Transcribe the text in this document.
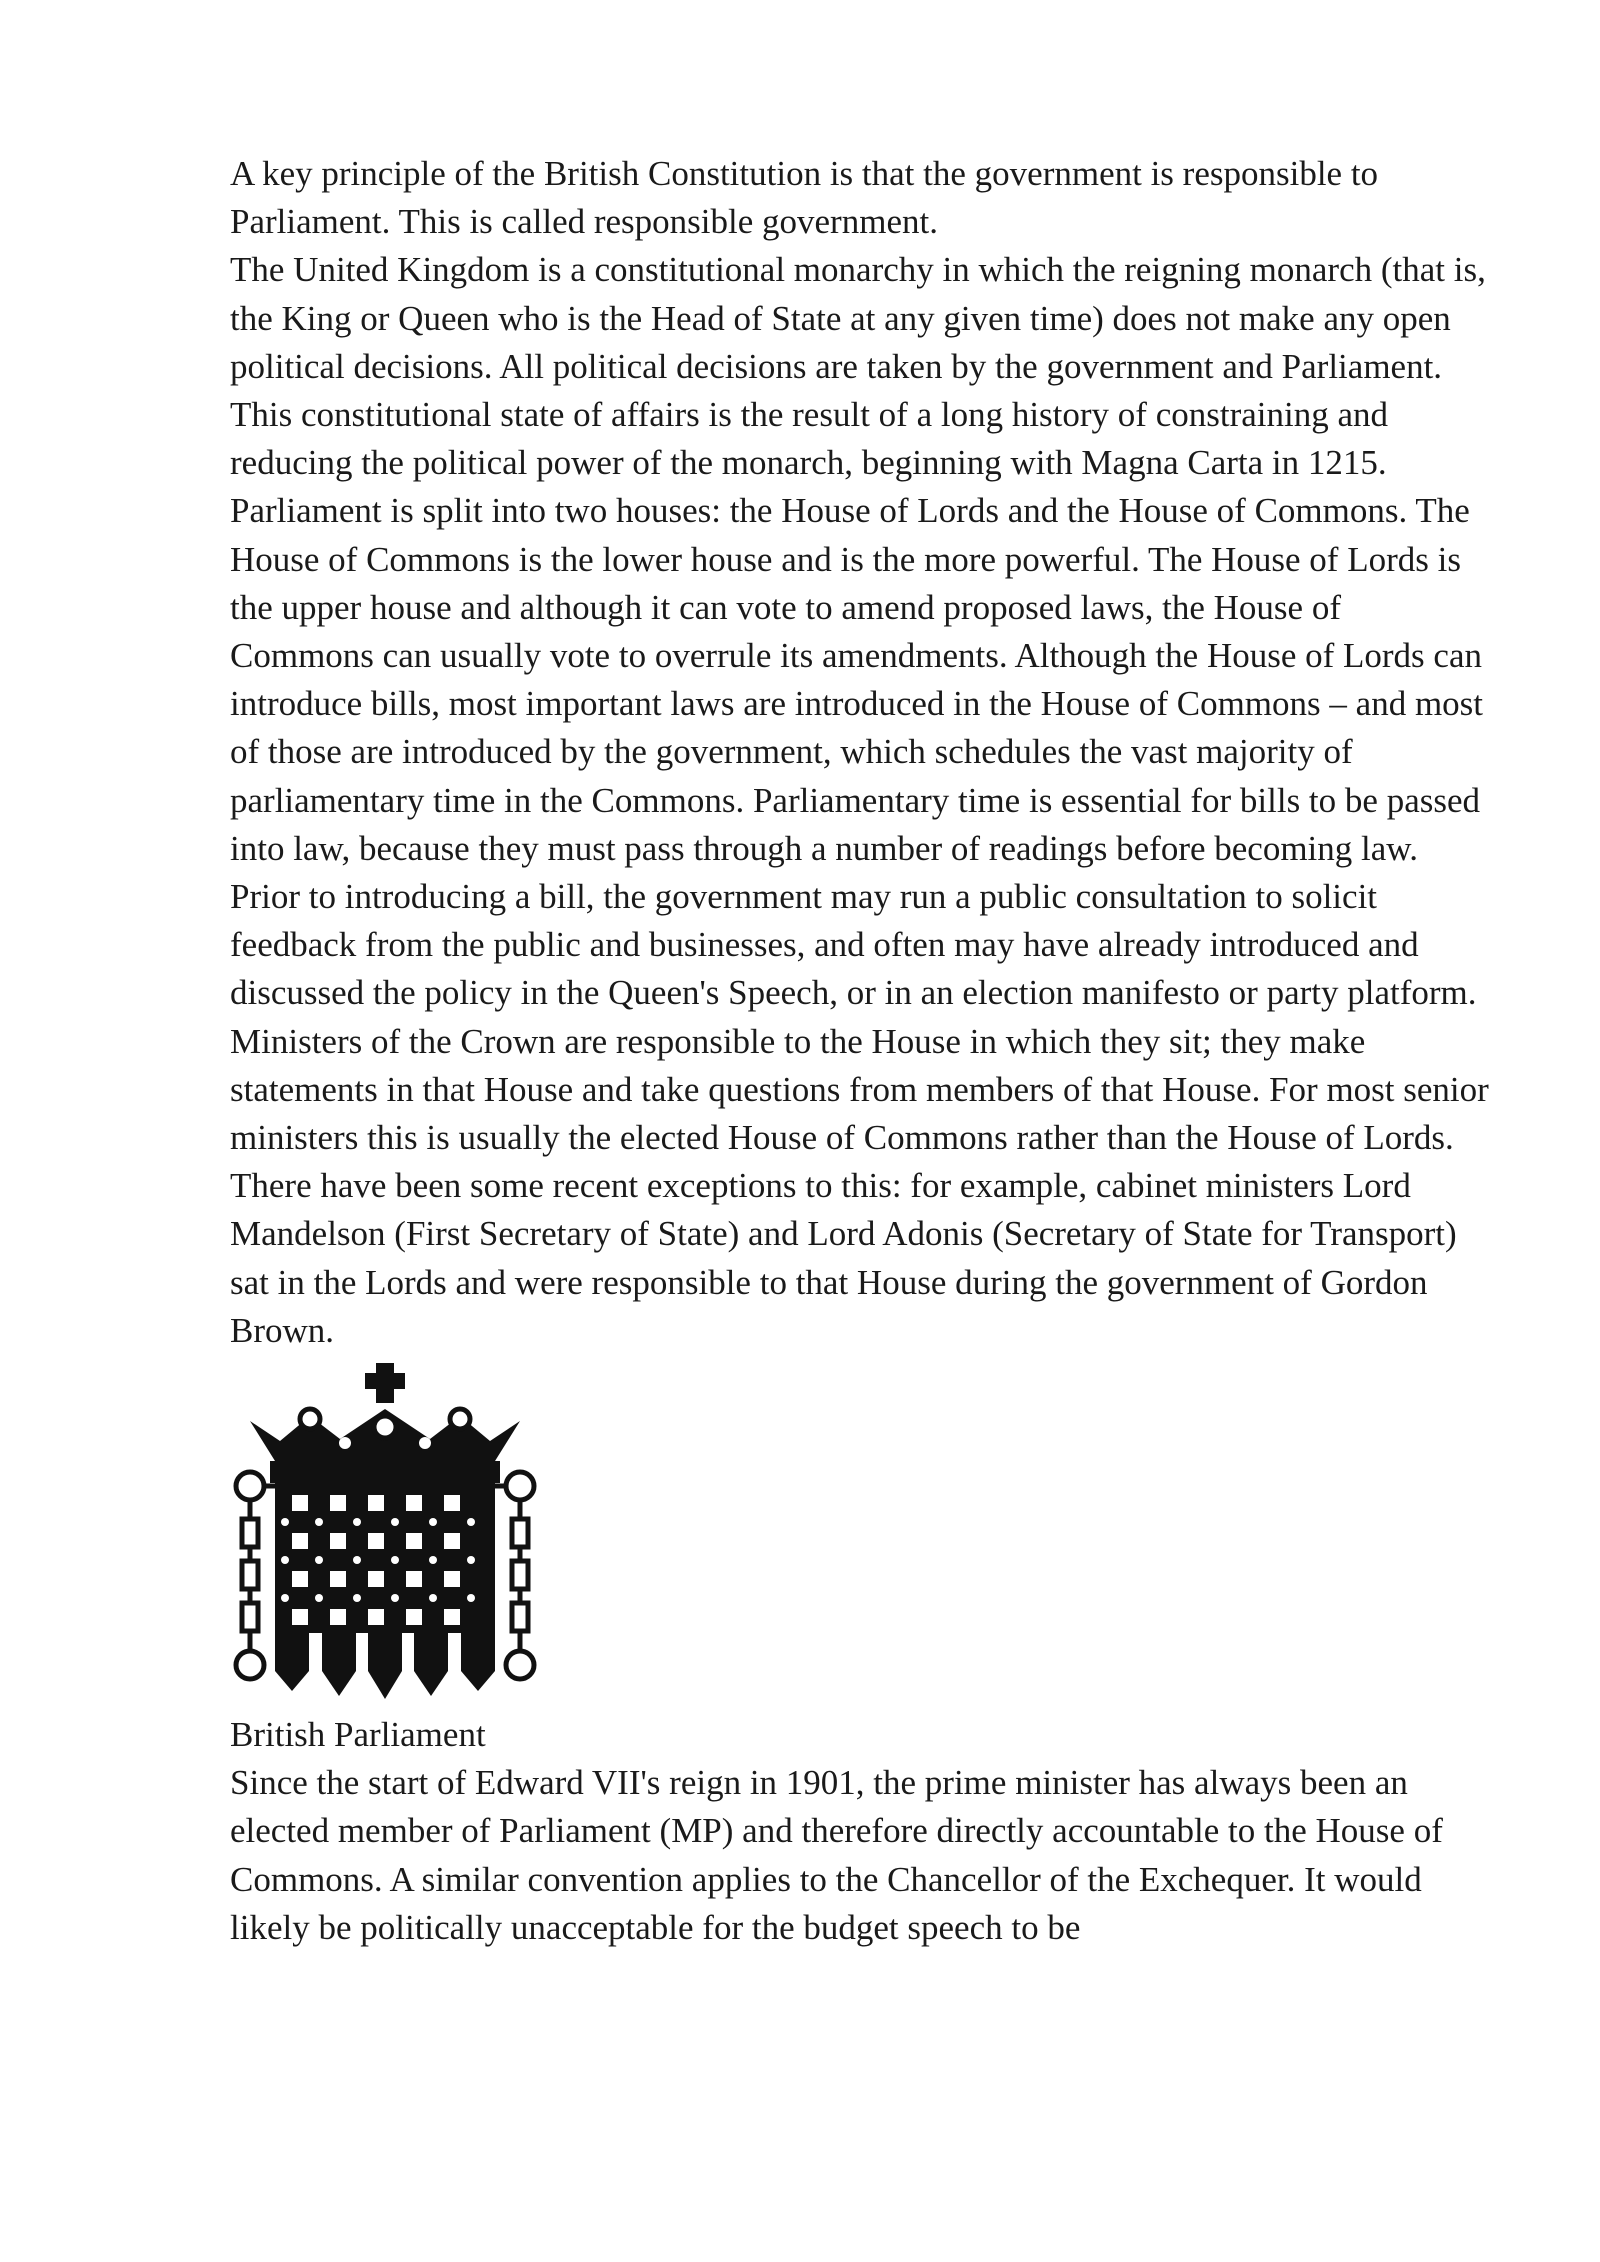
A key principle of the British Constitution is that the government is responsible to Parliament. This is called responsible government.

The United Kingdom is a constitutional monarchy in which the reigning monarch (that is, the King or Queen who is the Head of State at any given time) does not make any open political decisions. All political decisions are taken by the government and Parliament. This constitutional state of affairs is the result of a long history of constraining and reducing the political power of the monarch, beginning with Magna Carta in 1215.

Parliament is split into two houses: the House of Lords and the House of Commons. The House of Commons is the lower house and is the more powerful. The House of Lords is the upper house and although it can vote to amend proposed laws, the House of Commons can usually vote to overrule its amendments. Although the House of Lords can introduce bills, most important laws are introduced in the House of Commons – and most of those are introduced by the government, which schedules the vast majority of parliamentary time in the Commons. Parliamentary time is essential for bills to be passed into law, because they must pass through a number of readings before becoming law. Prior to introducing a bill, the government may run a public consultation to solicit feedback from the public and businesses, and often may have already introduced and discussed the policy in the Queen's Speech, or in an election manifesto or party platform.

Ministers of the Crown are responsible to the House in which they sit; they make statements in that House and take questions from members of that House. For most senior ministers this is usually the elected House of Commons rather than the House of Lords. There have been some recent exceptions to this: for example, cabinet ministers Lord Mandelson (First Secretary of State) and Lord Adonis (Secretary of State for Transport) sat in the Lords and were responsible to that House during the government of Gordon Brown.

British Parliament

Since the start of Edward VII's reign in 1901, the prime minister has always been an elected member of Parliament (MP) and therefore directly accountable to the House of Commons. A similar convention applies to the Chancellor of the Exchequer. It would likely be politically unacceptable for the budget speech to be
